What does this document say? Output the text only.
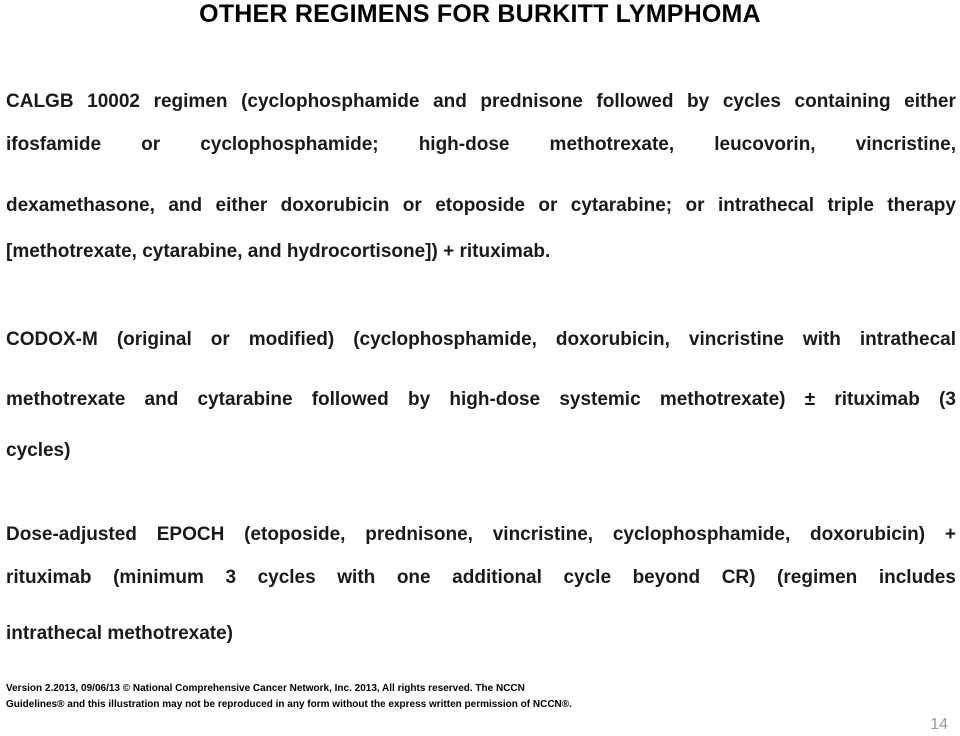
OTHER REGIMENS FOR BURKITT LYMPHOMA
CALGB 10002 regimen (cyclophosphamide and prednisone followed by cycles containing either
ifosfamide or cyclophosphamide; high-dose methotrexate, leucovorin, vincristine,
dexamethasone, and either doxorubicin or etoposide or cytarabine; or intrathecal triple therapy
[methotrexate, cytarabine, and hydrocortisone]) + rituximab.
CODOX-M (original or modified) (cyclophosphamide, doxorubicin, vincristine with intrathecal
methotrexate and cytarabine followed by high-dose systemic methotrexate) ± rituximab (3
cycles)
Dose-adjusted EPOCH (etoposide, prednisone, vincristine, cyclophosphamide, doxorubicin) +
rituximab (minimum 3 cycles with one additional cycle beyond CR) (regimen includes
intrathecal methotrexate)
Version 2.2013, 09/06/13 © National Comprehensive Cancer Network, Inc. 2013, All rights reserved. The NCCN
Guidelines® and this illustration may not be reproduced in any form without the express written permission of NCCN®.
14
